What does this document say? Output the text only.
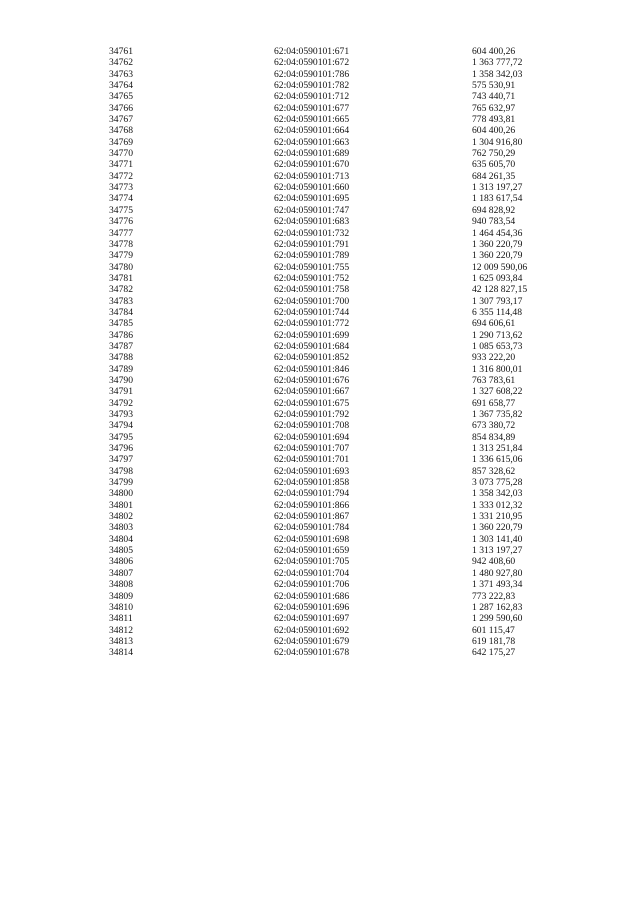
34761	62:04:0590101:671	604 400,26
34762	62:04:0590101:672	1 363 777,72
34763	62:04:0590101:786	1 358 342,03
34764	62:04:0590101:782	575 530,91
34765	62:04:0590101:712	743 440,71
34766	62:04:0590101:677	765 632,97
34767	62:04:0590101:665	778 493,81
34768	62:04:0590101:664	604 400,26
34769	62:04:0590101:663	1 304 916,80
34770	62:04:0590101:689	762 750,29
34771	62:04:0590101:670	635 605,70
34772	62:04:0590101:713	684 261,35
34773	62:04:0590101:660	1 313 197,27
34774	62:04:0590101:695	1 183 617,54
34775	62:04:0590101:747	694 828,92
34776	62:04:0590101:683	940 783,54
34777	62:04:0590101:732	1 464 454,36
34778	62:04:0590101:791	1 360 220,79
34779	62:04:0590101:789	1 360 220,79
34780	62:04:0590101:755	12 009 590,06
34781	62:04:0590101:752	1 625 093,84
34782	62:04:0590101:758	42 128 827,15
34783	62:04:0590101:700	1 307 793,17
34784	62:04:0590101:744	6 355 114,48
34785	62:04:0590101:772	694 606,61
34786	62:04:0590101:699	1 290 713,62
34787	62:04:0590101:684	1 085 653,73
34788	62:04:0590101:852	933 222,20
34789	62:04:0590101:846	1 316 800,01
34790	62:04:0590101:676	763 783,61
34791	62:04:0590101:667	1 327 608,22
34792	62:04:0590101:675	691 658,77
34793	62:04:0590101:792	1 367 735,82
34794	62:04:0590101:708	673 380,72
34795	62:04:0590101:694	854 834,89
34796	62:04:0590101:707	1 313 251,84
34797	62:04:0590101:701	1 336 615,06
34798	62:04:0590101:693	857 328,62
34799	62:04:0590101:858	3 073 775,28
34800	62:04:0590101:794	1 358 342,03
34801	62:04:0590101:866	1 333 012,32
34802	62:04:0590101:867	1 331 210,95
34803	62:04:0590101:784	1 360 220,79
34804	62:04:0590101:698	1 303 141,40
34805	62:04:0590101:659	1 313 197,27
34806	62:04:0590101:705	942 408,60
34807	62:04:0590101:704	1 480 927,80
34808	62:04:0590101:706	1 371 493,34
34809	62:04:0590101:686	773 222,83
34810	62:04:0590101:696	1 287 162,83
34811	62:04:0590101:697	1 299 590,60
34812	62:04:0590101:692	601 115,47
34813	62:04:0590101:679	619 181,78
34814	62:04:0590101:678	642 175,27
